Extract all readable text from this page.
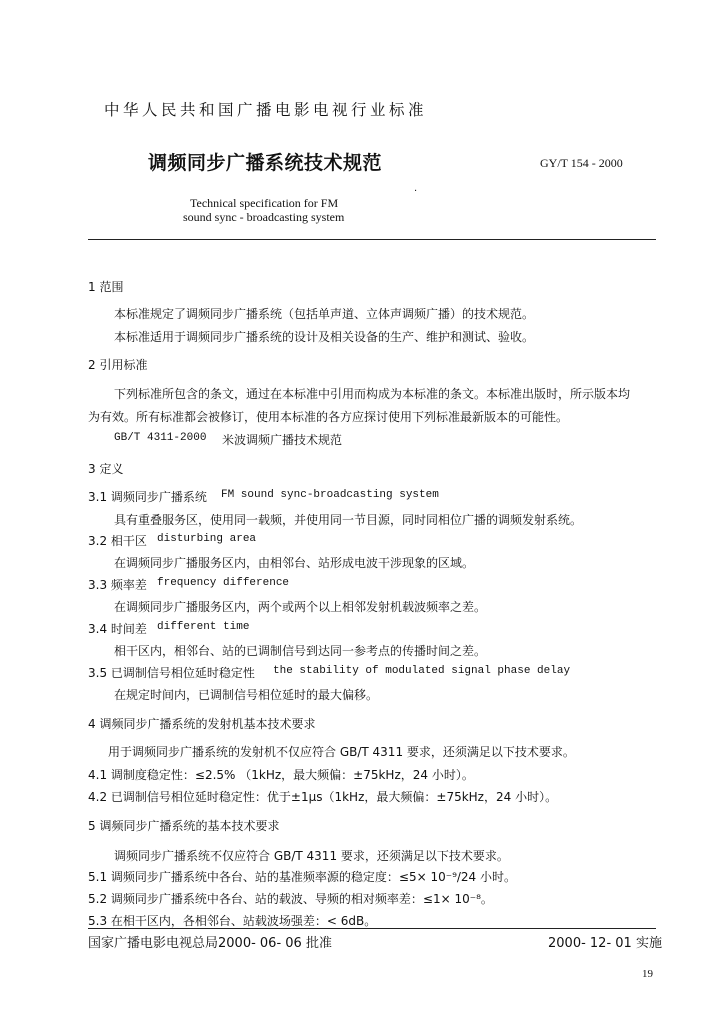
中华人民共和国广播电影电视行业标准
调频同步广播系统技术规范	GY/T 154 - 2000
·
Technical specification for FM
sound sync - broadcasting system
1 范围
本标准规定了调频同步广播系统（包括单声道、立体声调频广播）的技术规范。
本标准适用于调频同步广播系统的设计及相关设备的生产、维护和测试、验收。
2 引用标准
下列标准所包含的条文，通过在本标准中引用而构成为本标准的条文。本标准出版时，所示版本均
为有效。所有标准都会被修订，使用本标准的各方应探讨使用下列标准最新版本的可能性。
GB/T 4311-2000 米波调频广播技术规范
3 定义
3.1 调频同步广播系统 FM sound sync-broadcasting system
具有重叠服务区，使用同一载频，并使用同一节目源，同时同相位广播的调频发射系统。
3.2 相干区 disturbing area
在调频同步广播服务区内，由相邻台、站形成电波干涉现象的区域。
3.3 频率差 frequency difference
在调频同步广播服务区内，两个或两个以上相邻发射机载波频率之差。
3.4 时间差 different time
相干区内，相邻台、站的已调制信号到达同一参考点的传播时间之差。
3.5 已调制信号相位延时稳定性 the stability of modulated signal phase delay
在规定时间内，已调制信号相位延时的最大偏移。
4 调频同步广播系统的发射机基本技术要求
用于调频同步广播系统的发射机不仅应符合 GB/T 4311 要求，还须满足以下技术要求。
4.1 调制度稳定性：≤2.5% （1kHz，最大频偏：±75kHz，24 小时）。
4.2 已调制信号相位延时稳定性：优于±1μs（1kHz，最大频偏：±75kHz，24 小时）。
5 调频同步广播系统的基本技术要求
调频同步广播系统不仅应符合 GB/T 4311 要求，还须满足以下技术要求。
5.1 调频同步广播系统中各台、站的基准频率源的稳定度：≤5× 10⁻⁹/24 小时。
5.2 调频同步广播系统中各台、站的载波、导频的相对频率差：≤1× 10⁻⁸。
5.3 在相干区内，各相邻台、站载波场强差：< 6dB。
国家广播电影电视总局2000- 06- 06 批准	2000- 12- 01 实施
19
